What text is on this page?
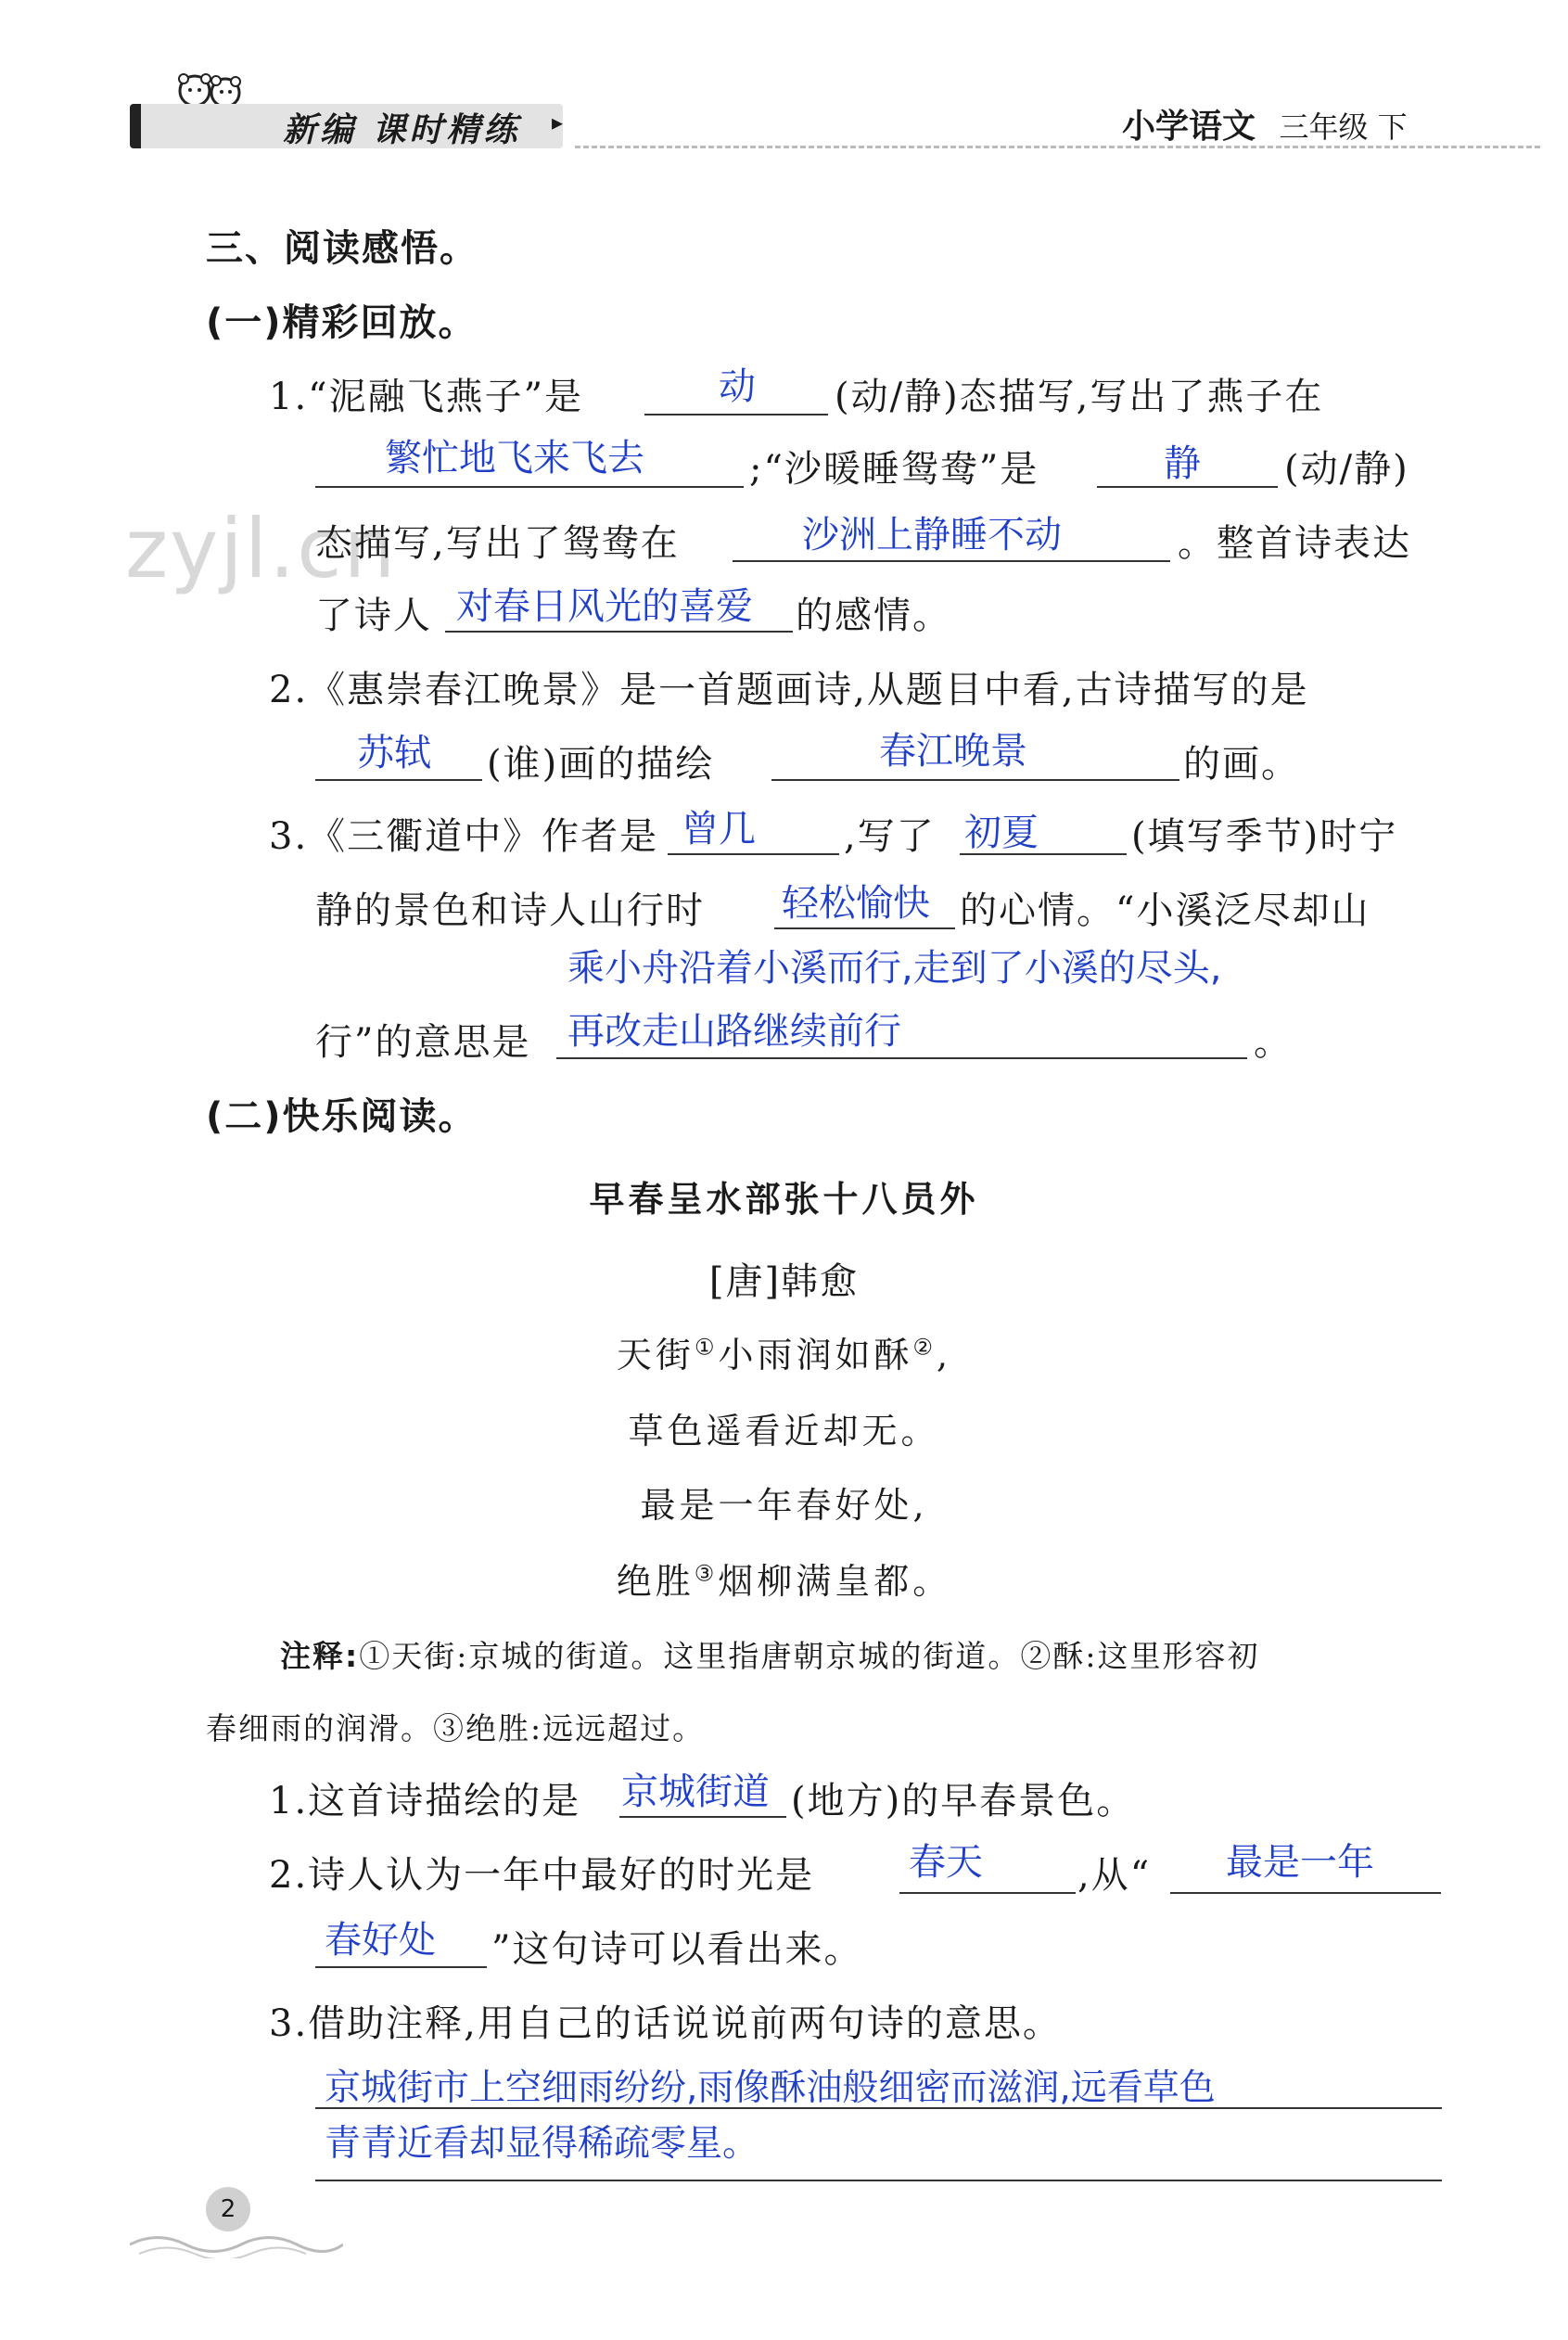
新编 课时精练 ▸	小学语文 三年级 下
zyjl.cn
三、阅读感悟。
(一)精彩回放。
1.“泥融飞燕子”是	动 (动/静)态描写,写出了燕子在
繁忙地飞来飞去	;“沙暖睡鸳鸯”是	静 (动/静)
态描写,写出了鸳鸯在	沙洲上静睡不动	。整首诗表达
了诗人 对春日风光的喜爱 的感情。
2.《惠崇春江晚景》是一首题画诗,从题目中看,古诗描写的是
苏轼 (谁)画的描绘	春江晚景	的画。
3.《三衢道中》作者是 曾几 ,写了 初夏	(填写季节)时宁
静的景色和诗人山行时 轻松愉快 的心情。“小溪泛尽却山
乘小舟沿着小溪而行,走到了小溪的尽头,
行”的意思是 再改走山路继续前行	。
(二)快乐阅读。
早春呈水部张十八员外
[唐]韩愈
天街①小雨润如酥②,
草色遥看近却无。
最是一年春好处,
绝胜③烟柳满皇都。
注释:①天街:京城的街道。这里指唐朝京城的街道。②酥:这里形容初
春细雨的润滑。③绝胜:远远超过。
1.这首诗描绘的是 京城街道 (地方)的早春景色。
2.诗人认为一年中最好的时光是	春天	,从“ 最是一年
春好处 ”这句诗可以看出来。
3.借助注释,用自己的话说说前两句诗的意思。
京城街市上空细雨纷纷,雨像酥油般细密而滋润,远看草色
青青近看却显得稀疏零星。
2
